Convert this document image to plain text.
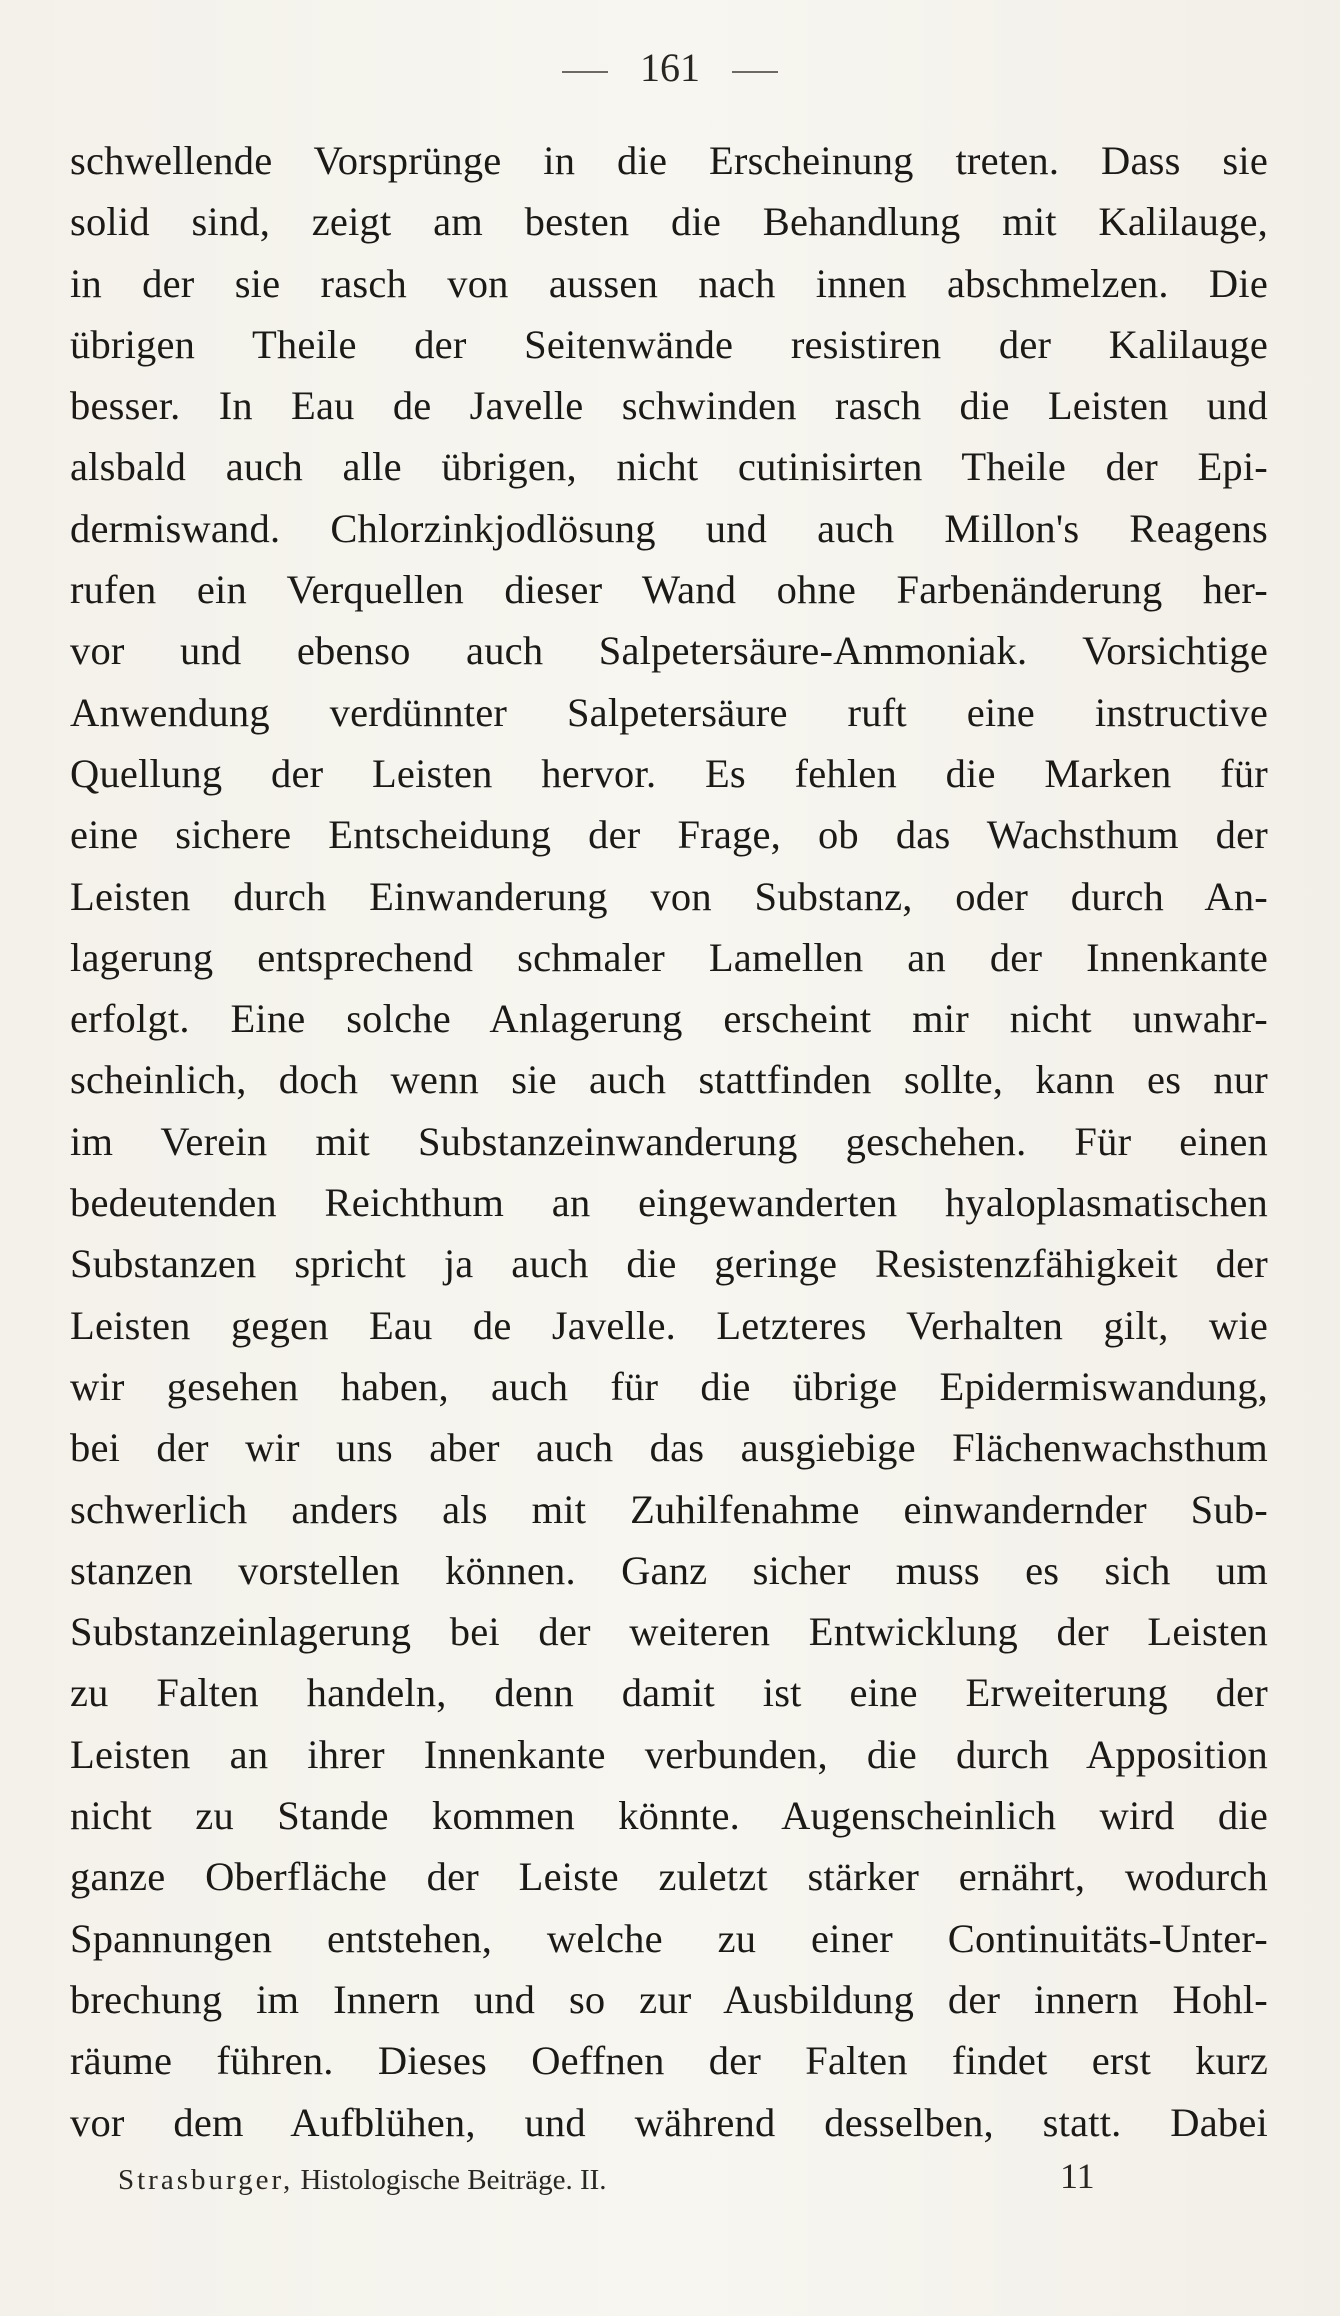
161
schwellende Vorsprünge in die Erscheinung treten. Dass sie
solid sind, zeigt am besten die Behandlung mit Kalilauge,
in der sie rasch von aussen nach innen abschmelzen. Die
übrigen Theile der Seitenwände resistiren der Kalilauge
besser. In Eau de Javelle schwinden rasch die Leisten und
alsbald auch alle übrigen, nicht cutinisirten Theile der Epi-
dermiswand. Chlorzinkjodlösung und auch Millon's Reagens
rufen ein Verquellen dieser Wand ohne Farbenänderung her-
vor und ebenso auch Salpetersäure-Ammoniak. Vorsichtige
Anwendung verdünnter Salpetersäure ruft eine instructive
Quellung der Leisten hervor. Es fehlen die Marken für
eine sichere Entscheidung der Frage, ob das Wachsthum der
Leisten durch Einwanderung von Substanz, oder durch An-
lagerung entsprechend schmaler Lamellen an der Innenkante
erfolgt. Eine solche Anlagerung erscheint mir nicht unwahr-
scheinlich, doch wenn sie auch stattfinden sollte, kann es nur
im Verein mit Substanzeinwanderung geschehen. Für einen
bedeutenden Reichthum an eingewanderten hyaloplasmatischen
Substanzen spricht ja auch die geringe Resistenzfähigkeit der
Leisten gegen Eau de Javelle. Letzteres Verhalten gilt, wie
wir gesehen haben, auch für die übrige Epidermiswandung,
bei der wir uns aber auch das ausgiebige Flächenwachsthum
schwerlich anders als mit Zuhilfenahme einwandernder Sub-
stanzen vorstellen können. Ganz sicher muss es sich um
Substanzeinlagerung bei der weiteren Entwicklung der Leisten
zu Falten handeln, denn damit ist eine Erweiterung der
Leisten an ihrer Innenkante verbunden, die durch Apposition
nicht zu Stande kommen könnte. Augenscheinlich wird die
ganze Oberfläche der Leiste zuletzt stärker ernährt, wodurch
Spannungen entstehen, welche zu einer Continuitäts-Unter-
brechung im Innern und so zur Ausbildung der innern Hohl-
räume führen. Dieses Oeffnen der Falten findet erst kurz
vor dem Aufblühen, und während desselben, statt. Dabei
Strasburger, Histologische Beiträge. II.	11
